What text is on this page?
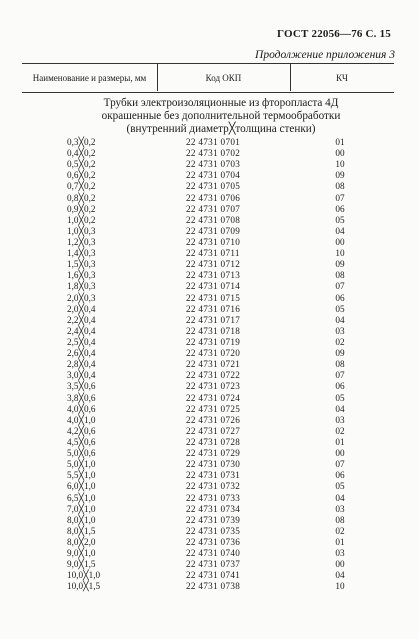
ГОСТ 22056—76 С. 15
Продолжение приложения 3
Наименование и размеры, мм	Код ОКП	КЧ
Трубки электроизоляционные из фторопласта 4Д
окрашенные без дополнительной термообработки
(внутренний диаметр╳толщина стенки)
0,3╳0,2	22 4731 0701	01
0,4╳0,2	22 4731 0702	00
0,5╳0,2	22 4731 0703	10
0,6╳0,2	22 4731 0704	09
0,7╳0,2	22 4731 0705	08
0,8╳0,2	22 4731 0706	07
0,9╳0,2	22 4731 0707	06
1,0╳0,2	22 4731 0708	05
1,0╳0,3	22 4731 0709	04
1,2╳0,3	22 4731 0710	00
1,4╳0,3	22 4731 0711	10
1,5╳0,3	22 4731 0712	09
1,6╳0,3	22 4731 0713	08
1,8╳0,3	22 4731 0714	07
2,0╳0,3	22 4731 0715	06
2,0╳0,4	22 4731 0716	05
2,2╳0,4	22 4731 0717	04
2,4╳0,4	22 4731 0718	03
2,5╳0,4	22 4731 0719	02
2,6╳0,4	22 4731 0720	09
2,8╳0,4	22 4731 0721	08
3,0╳0,4	22 4731 0722	07
3,5╳0,6	22 4731 0723	06
3,8╳0,6	22 4731 0724	05
4,0╳0,6	22 4731 0725	04
4,0╳1,0	22 4731 0726	03
4,2╳0,6	22 4731 0727	02
4,5╳0,6	22 4731 0728	01
5,0╳0,6	22 4731 0729	00
5,0╳1,0	22 4731 0730	07
5,5╳1,0	22 4731 0731	06
6,0╳1,0	22 4731 0732	05
6,5╳1,0	22 4731 0733	04
7,0╳1,0	22 4731 0734	03
8,0╳1,0	22 4731 0739	08
8,0╳1,5	22 4731 0735	02
8,0╳2,0	22 4731 0736	01
9,0╳1,0	22 4731 0740	03
9,0╳1,5	22 4731 0737	00
10,0╳1,0	22 4731 0741	04
10,0╳1,5	22 4731 0738	10
